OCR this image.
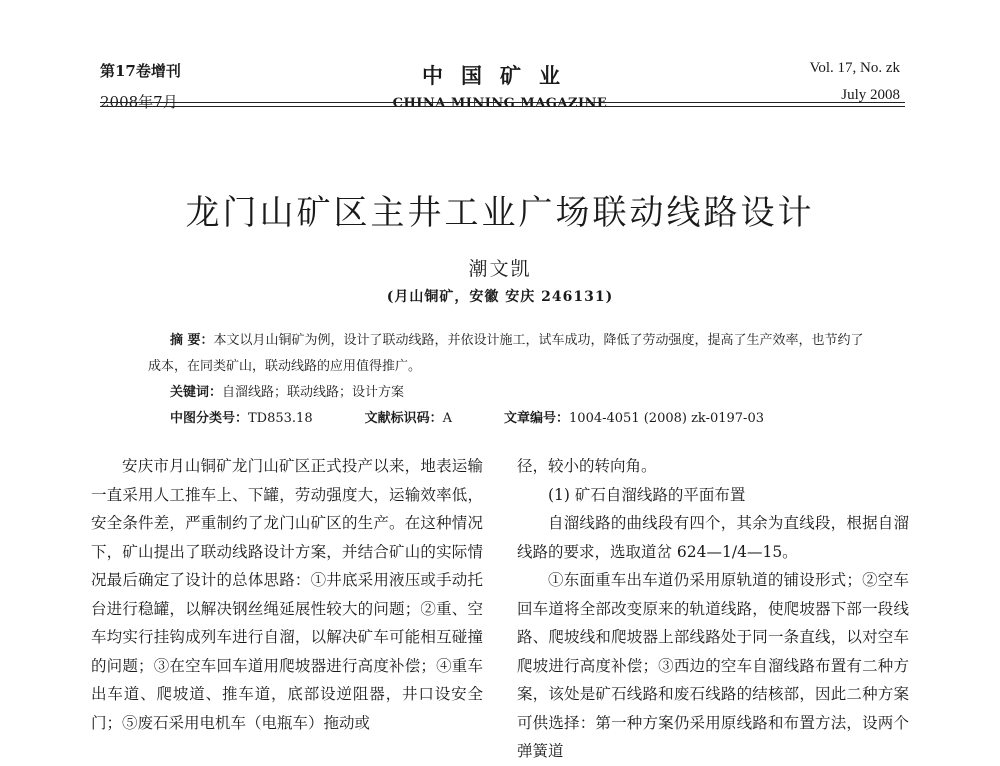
第17卷增刊
2008年7月
中国矿业
CHINA MINING MAGAZINE
Vol. 17, No. zk
July 2008
龙门山矿区主井工业广场联动线路设计
潮文凯
(月山铜矿，安徽 安庆 246131)
摘 要：本文以月山铜矿为例，设计了联动线路，并依设计施工，试车成功，降低了劳动强度，提高了生产效率，也节约了成本，在同类矿山，联动线路的应用值得推广。
关键词：自溜线路；联动线路；设计方案
中图分类号：TD853.18	文献标识码：A	文章编号：1004-4051 (2008) zk-0197-03

安庆市月山铜矿龙门山矿区正式投产以来，地表运输一直采用人工推车上、下罐，劳动强度大，运输效率低，安全条件差，严重制约了龙门山矿区的生产。在这种情况下，矿山提出了联动线路设计方案，并结合矿山的实际情况最后确定了设计的总体思路：①井底采用液压或手动托台进行稳罐，以解决钢丝绳延展性较大的问题；②重、空车均实行挂钩成列车进行自溜，以解决矿车可能相互碰撞的问题；③在空车回车道用爬坡器进行高度补偿；④重车出车道、爬坡道、推车道，底部设逆阻器，井口设安全门；⑤废石采用电机车（电瓶车）拖动或

径，较小的转向角。

(1) 矿石自溜线路的平面布置

自溜线路的曲线段有四个，其余为直线段，根据自溜线路的要求，选取道岔 624—1/4—15。

①东面重车出车道仍采用原轨道的铺设形式；②空车回车道将全部改变原来的轨道线路，使爬坡器下部一段线路、爬坡线和爬坡器上部线路处于同一条直线，以对空车爬坡进行高度补偿；③西边的空车自溜线路布置有二种方案，该处是矿石线路和废石线路的结核部，因此二种方案可供选择：第一种方案仍采用原线路和布置方法，设两个弹簧道
